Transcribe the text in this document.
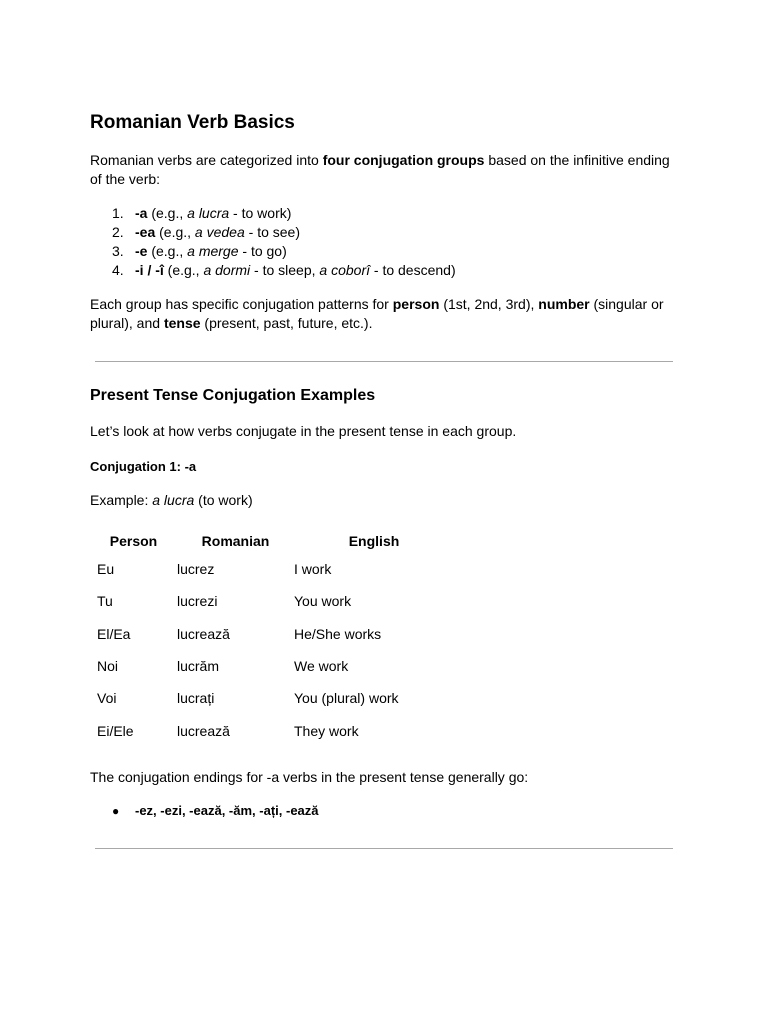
Romanian Verb Basics

Romanian verbs are categorized into four conjugation groups based on the infinitive ending of the verb:

1. -a (e.g., a lucra - to work)
2. -ea (e.g., a vedea - to see)
3. -e (e.g., a merge - to go)
4. -i / -î (e.g., a dormi - to sleep, a coborî - to descend)

Each group has specific conjugation patterns for person (1st, 2nd, 3rd), number (singular or plural), and tense (present, past, future, etc.).

Present Tense Conjugation Examples

Let’s look at how verbs conjugate in the present tense in each group.

Conjugation 1: -a

Example: a lucra (to work)

Person	Romanian	English
Eu	lucrez	I work
Tu	lucrezi	You work
El/Ea	lucrează	He/She works
Noi	lucrăm	We work
Voi	lucrați	You (plural) work
Ei/Ele	lucrează	They work

The conjugation endings for -a verbs in the present tense generally go:

● -ez, -ezi, -ează, -ăm, -ați, -ează
